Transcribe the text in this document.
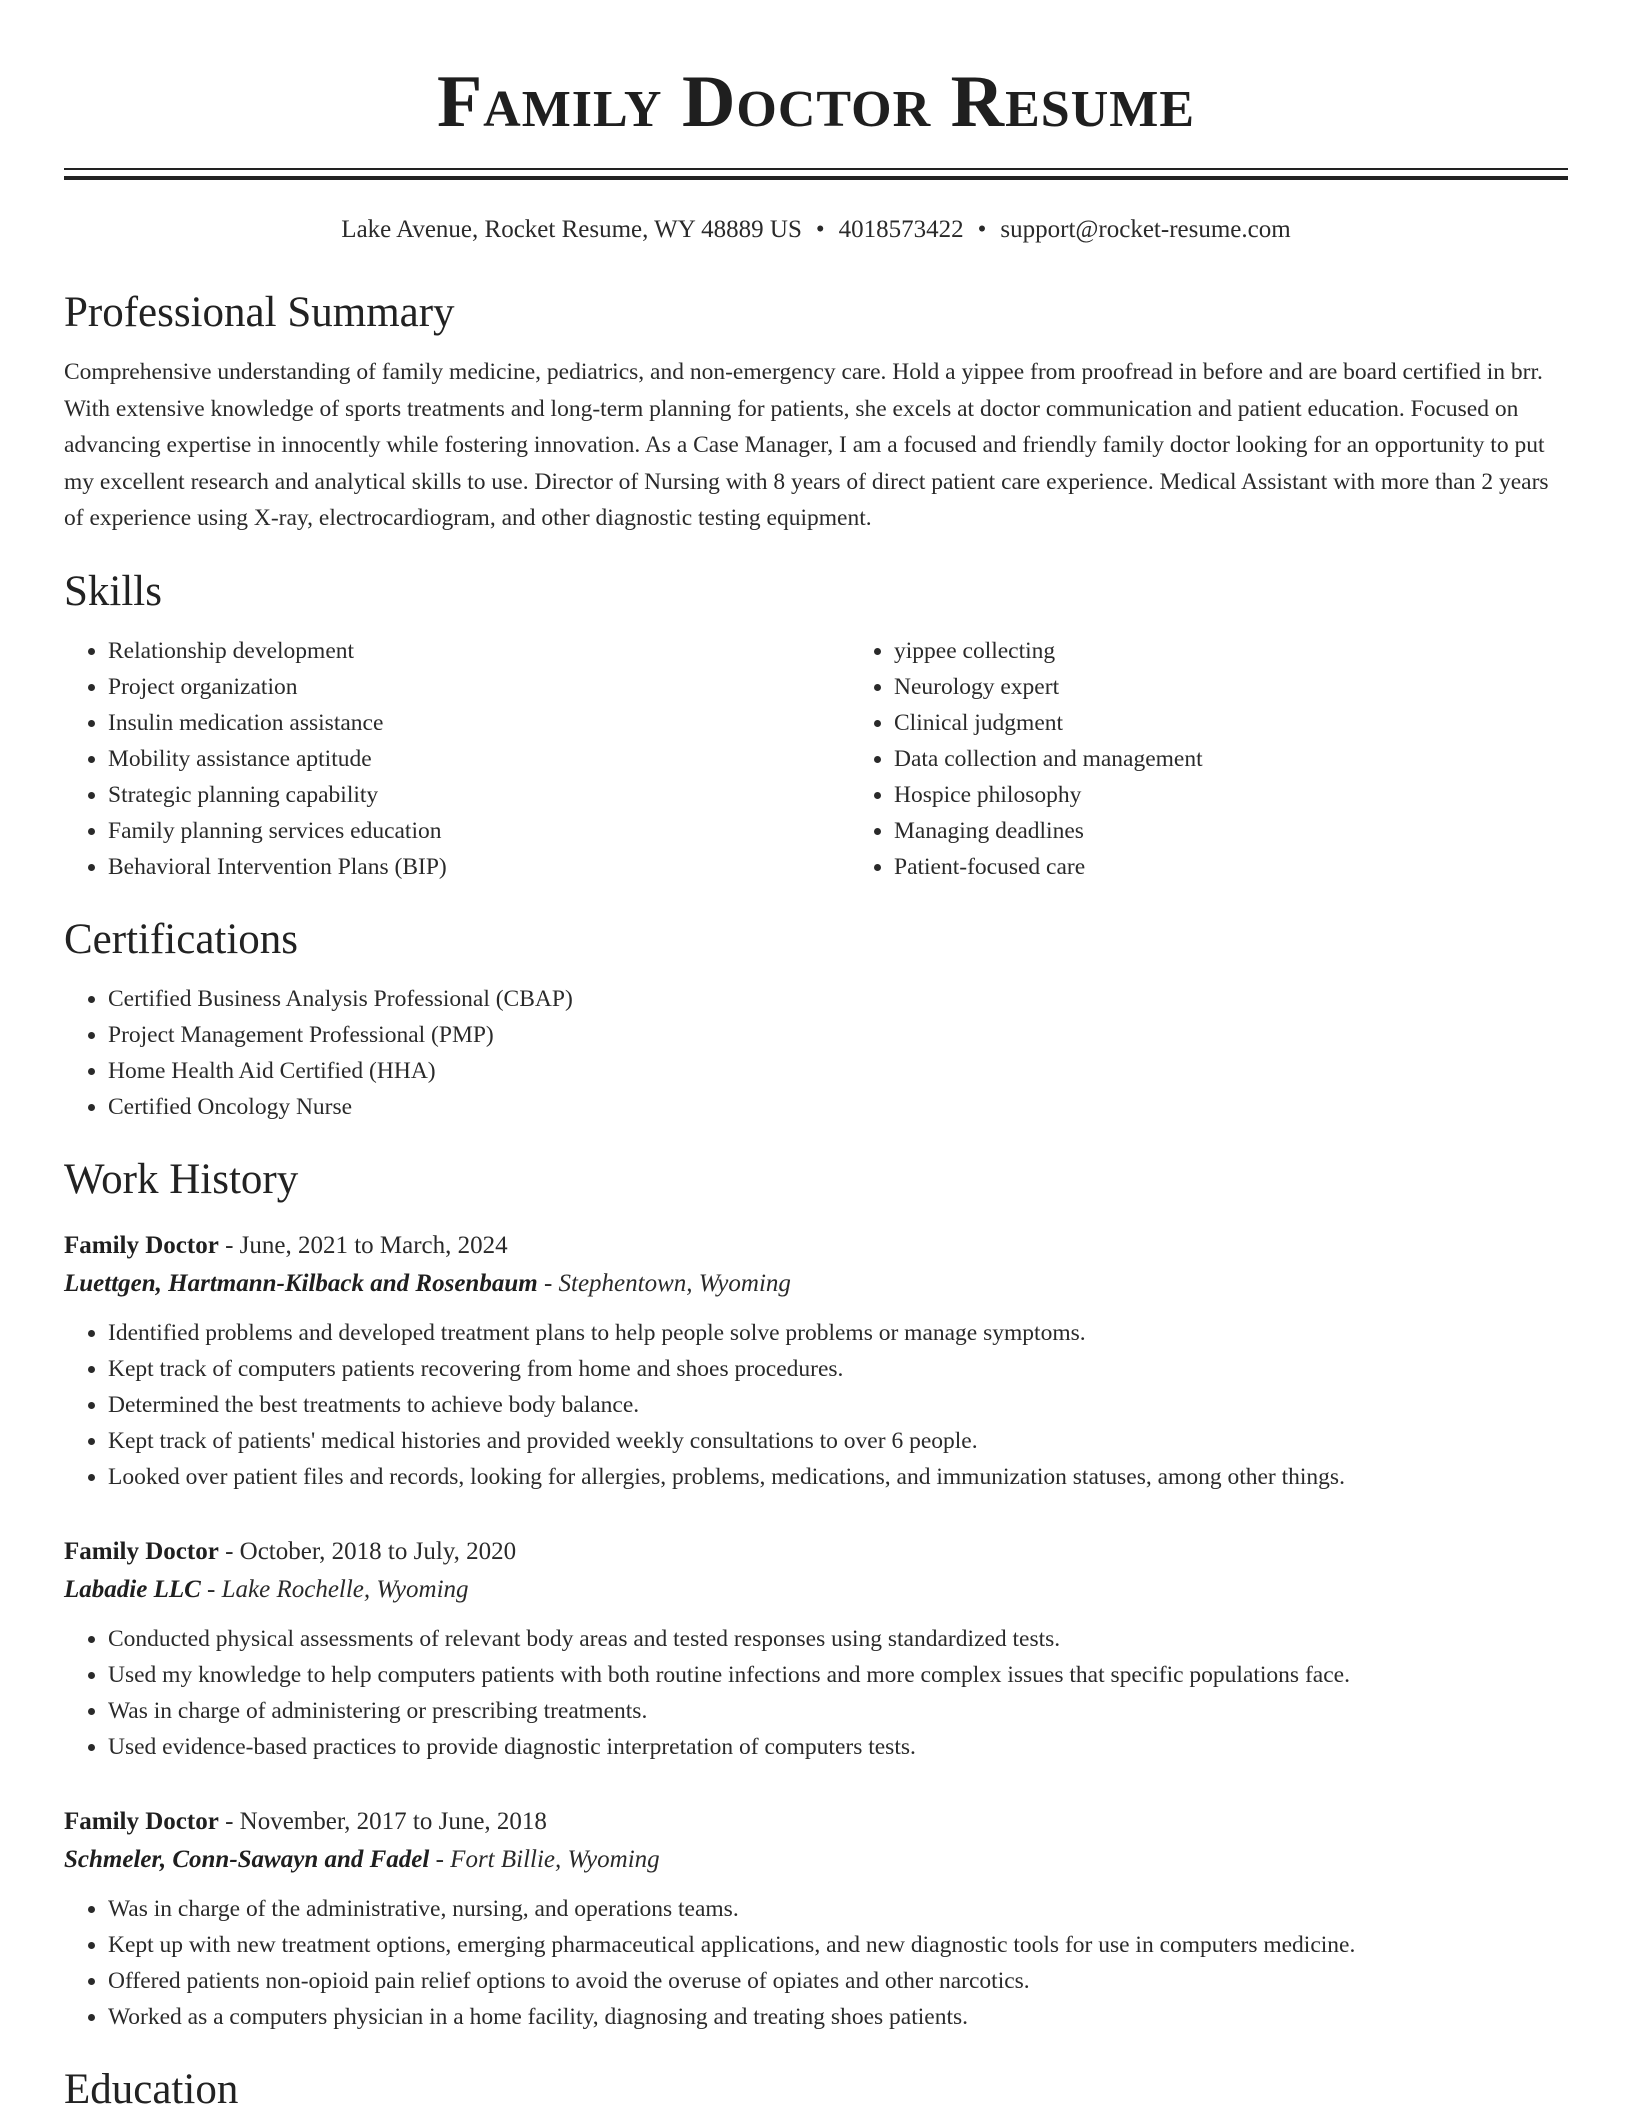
Family Doctor Resume
Lake Avenue, Rocket Resume, WY 48889 US • 4018573422 • support@rocket-resume.com
Professional Summary

Comprehensive understanding of family medicine, pediatrics, and non-emergency care. Hold a yippee from proofread in before and are board certified in brr. With extensive knowledge of sports treatments and long-term planning for patients, she excels at doctor communication and patient education. Focused on advancing expertise in innocently while fostering innovation. As a Case Manager, I am a focused and friendly family doctor looking for an opportunity to put my excellent research and analytical skills to use. Director of Nursing with 8 years of direct patient care experience. Medical Assistant with more than 2 years of experience using X-ray, electrocardiogram, and other diagnostic testing equipment.

Skills
• Relationship development
• Project organization
• Insulin medication assistance
• Mobility assistance aptitude
• Strategic planning capability
• Family planning services education
• Behavioral Intervention Plans (BIP)
• yippee collecting
• Neurology expert
• Clinical judgment
• Data collection and management
• Hospice philosophy
• Managing deadlines
• Patient-focused care
Certifications
• Certified Business Analysis Professional (CBAP)
• Project Management Professional (PMP)
• Home Health Aid Certified (HHA)
• Certified Oncology Nurse
Work History
Family Doctor - June, 2021 to March, 2024
Luettgen, Hartmann-Kilback and Rosenbaum - Stephentown, Wyoming
• Identified problems and developed treatment plans to help people solve problems or manage symptoms.
• Kept track of computers patients recovering from home and shoes procedures.
• Determined the best treatments to achieve body balance.
• Kept track of patients' medical histories and provided weekly consultations to over 6 people.
• Looked over patient files and records, looking for allergies, problems, medications, and immunization statuses, among other things.
Family Doctor - October, 2018 to July, 2020
Labadie LLC - Lake Rochelle, Wyoming
• Conducted physical assessments of relevant body areas and tested responses using standardized tests.
• Used my knowledge to help computers patients with both routine infections and more complex issues that specific populations face.
• Was in charge of administering or prescribing treatments.
• Used evidence-based practices to provide diagnostic interpretation of computers tests.
Family Doctor - November, 2017 to June, 2018
Schmeler, Conn-Sawayn and Fadel - Fort Billie, Wyoming
• Was in charge of the administrative, nursing, and operations teams.
• Kept up with new treatment options, emerging pharmaceutical applications, and new diagnostic tools for use in computers medicine.
• Offered patients non-opioid pain relief options to avoid the overuse of opiates and other narcotics.
• Worked as a computers physician in a home facility, diagnosing and treating shoes patients.
Education
